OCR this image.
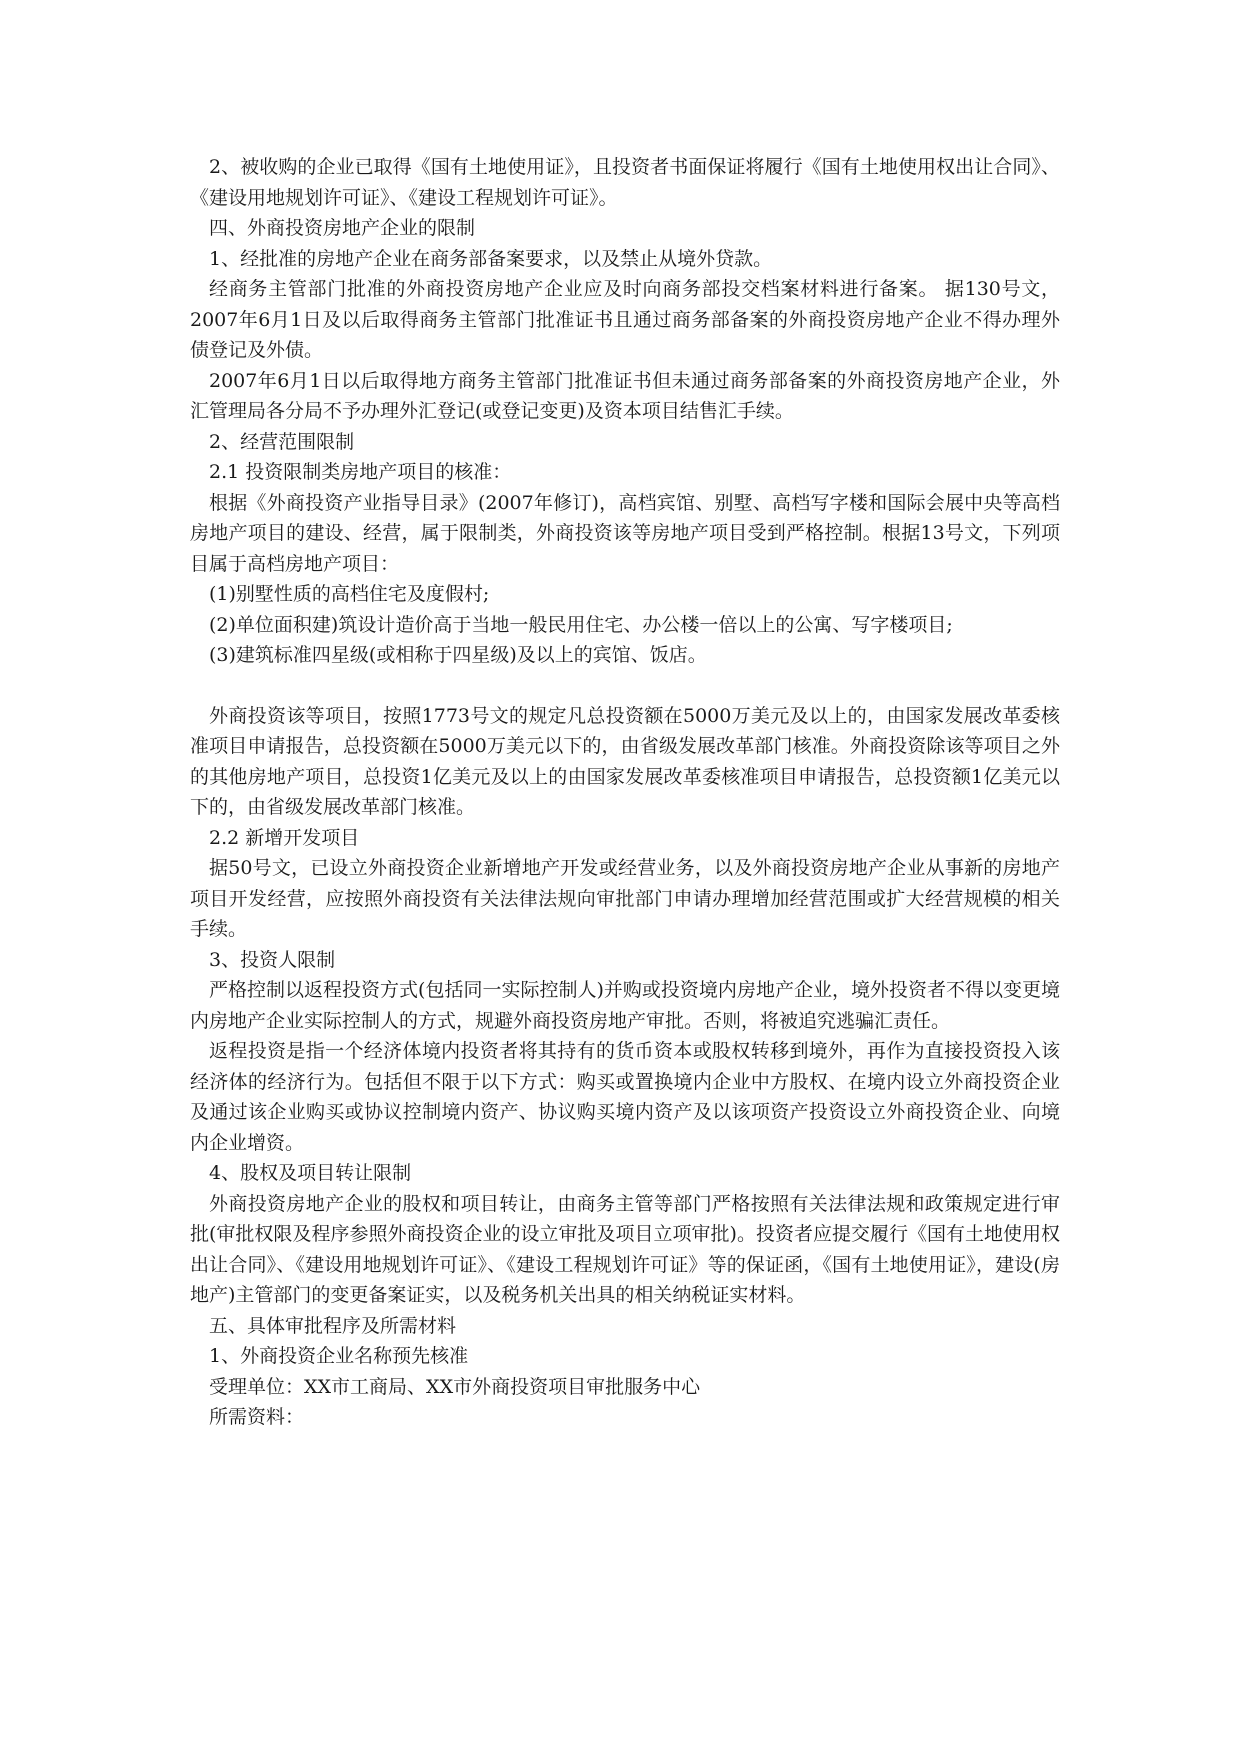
2、被收购的企业已取得《国有土地使用证》，且投资者书面保证将履行《国有土地使用权出让合同》、《建设用地规划许可证》、《建设工程规划许可证》。

四、外商投资房地产企业的限制

1、经批准的房地产企业在商务部备案要求，以及禁止从境外贷款。

经商务主管部门批准的外商投资房地产企业应及时向商务部投交档案材料进行备案。 据130号文，2007年6月1日及以后取得商务主管部门批准证书且通过商务部备案的外商投资房地产企业不得办理外债登记及外债。

2007年6月1日以后取得地方商务主管部门批准证书但未通过商务部备案的外商投资房地产企业，外汇管理局各分局不予办理外汇登记(或登记变更)及资本项目结售汇手续。

2、经营范围限制

2.1 投资限制类房地产项目的核准：

根据《外商投资产业指导目录》(2007年修订)，高档宾馆、别墅、高档写字楼和国际会展中央等高档房地产项目的建设、经营，属于限制类，外商投资该等房地产项目受到严格控制。根据13号文，下列项目属于高档房地产项目：

(1)别墅性质的高档住宅及度假村;

(2)单位面积建)筑设计造价高于当地一般民用住宅、办公楼一倍以上的公寓、写字楼项目;

(3)建筑标准四星级(或相称于四星级)及以上的宾馆、饭店。

外商投资该等项目，按照1773号文的规定凡总投资额在5000万美元及以上的，由国家发展改革委核准项目申请报告，总投资额在5000万美元以下的，由省级发展改革部门核准。外商投资除该等项目之外的其他房地产项目，总投资1亿美元及以上的由国家发展改革委核准项目申请报告，总投资额1亿美元以下的，由省级发展改革部门核准。

2.2 新增开发项目

据50号文，已设立外商投资企业新增地产开发或经营业务，以及外商投资房地产企业从事新的房地产项目开发经营，应按照外商投资有关法律法规向审批部门申请办理增加经营范围或扩大经营规模的相关手续。

3、投资人限制

严格控制以返程投资方式(包括同一实际控制人)并购或投资境内房地产企业，境外投资者不得以变更境内房地产企业实际控制人的方式，规避外商投资房地产审批。否则，将被追究逃骗汇责任。

返程投资是指一个经济体境内投资者将其持有的货币资本或股权转移到境外，再作为直接投资投入该经济体的经济行为。包括但不限于以下方式：购买或置换境内企业中方股权、在境内设立外商投资企业及通过该企业购买或协议控制境内资产、协议购买境内资产及以该项资产投资设立外商投资企业、向境内企业增资。

4、股权及项目转让限制

外商投资房地产企业的股权和项目转让，由商务主管等部门严格按照有关法律法规和政策规定进行审批(审批权限及程序参照外商投资企业的设立审批及项目立项审批)。投资者应提交履行《国有土地使用权出让合同》、《建设用地规划许可证》、《建设工程规划许可证》等的保证函，《国有土地使用证》，建设(房地产)主管部门的变更备案证实，以及税务机关出具的相关纳税证实材料。

五、具体审批程序及所需材料

1、外商投资企业名称预先核准

受理单位：XX市工商局、XX市外商投资项目审批服务中心

所需资料：
